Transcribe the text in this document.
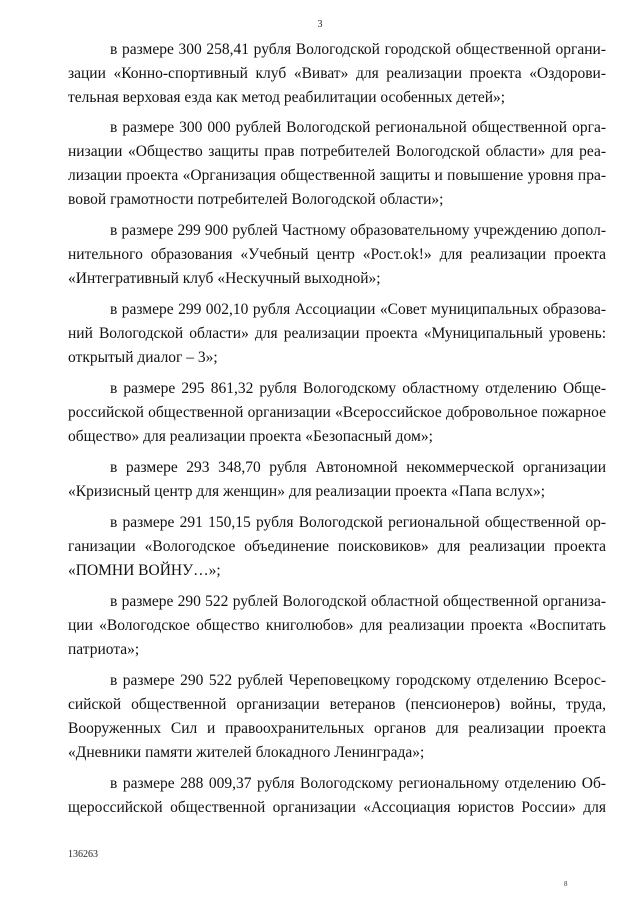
3
в размере 300 258,41 рубля Вологодской городской общественной органи-
зации «Конно-спортивный клуб «Виват» для реализации проекта «Оздорови-
тельная верховая езда как метод реабилитации особенных детей»;
в размере 300 000 рублей Вологодской региональной общественной орга-
низации «Общество защиты прав потребителей Вологодской области» для реа-
лизации проекта «Организация общественной защиты и повышение уровня пра-
вовой грамотности потребителей Вологодской области»;
в размере 299 900 рублей Частному образовательному учреждению допол-
нительного образования «Учебный центр «Рост.ok!» для реализации проекта
«Интегративный клуб «Нескучный выходной»;
в размере 299 002,10 рубля Ассоциации «Совет муниципальных образова-
ний Вологодской области» для реализации проекта «Муниципальный уровень:
открытый диалог – 3»;
в размере 295 861,32 рубля Вологодскому областному отделению Обще-
российской общественной организации «Всероссийское добровольное пожарное
общество» для реализации проекта «Безопасный дом»;
в размере 293 348,70 рубля Автономной некоммерческой организации
«Кризисный центр для женщин» для реализации проекта «Папа вслух»;
в размере 291 150,15 рубля Вологодской региональной общественной ор-
ганизации «Вологодское объединение поисковиков» для реализации проекта
«ПОМНИ ВОЙНУ…»;
в размере 290 522 рублей Вологодской областной общественной организа-
ции «Вологодское общество книголюбов» для реализации проекта «Воспитать
патриота»;
в размере 290 522 рублей Череповецкому городскому отделению Всерос-
сийской общественной организации ветеранов (пенсионеров) войны, труда,
Вооруженных Сил и правоохранительных органов для реализации проекта
«Дневники памяти жителей блокадного Ленинграда»;
в размере 288 009,37 рубля Вологодскому региональному отделению Об-
щероссийской общественной организации «Ассоциация юристов России» для
136263
8
